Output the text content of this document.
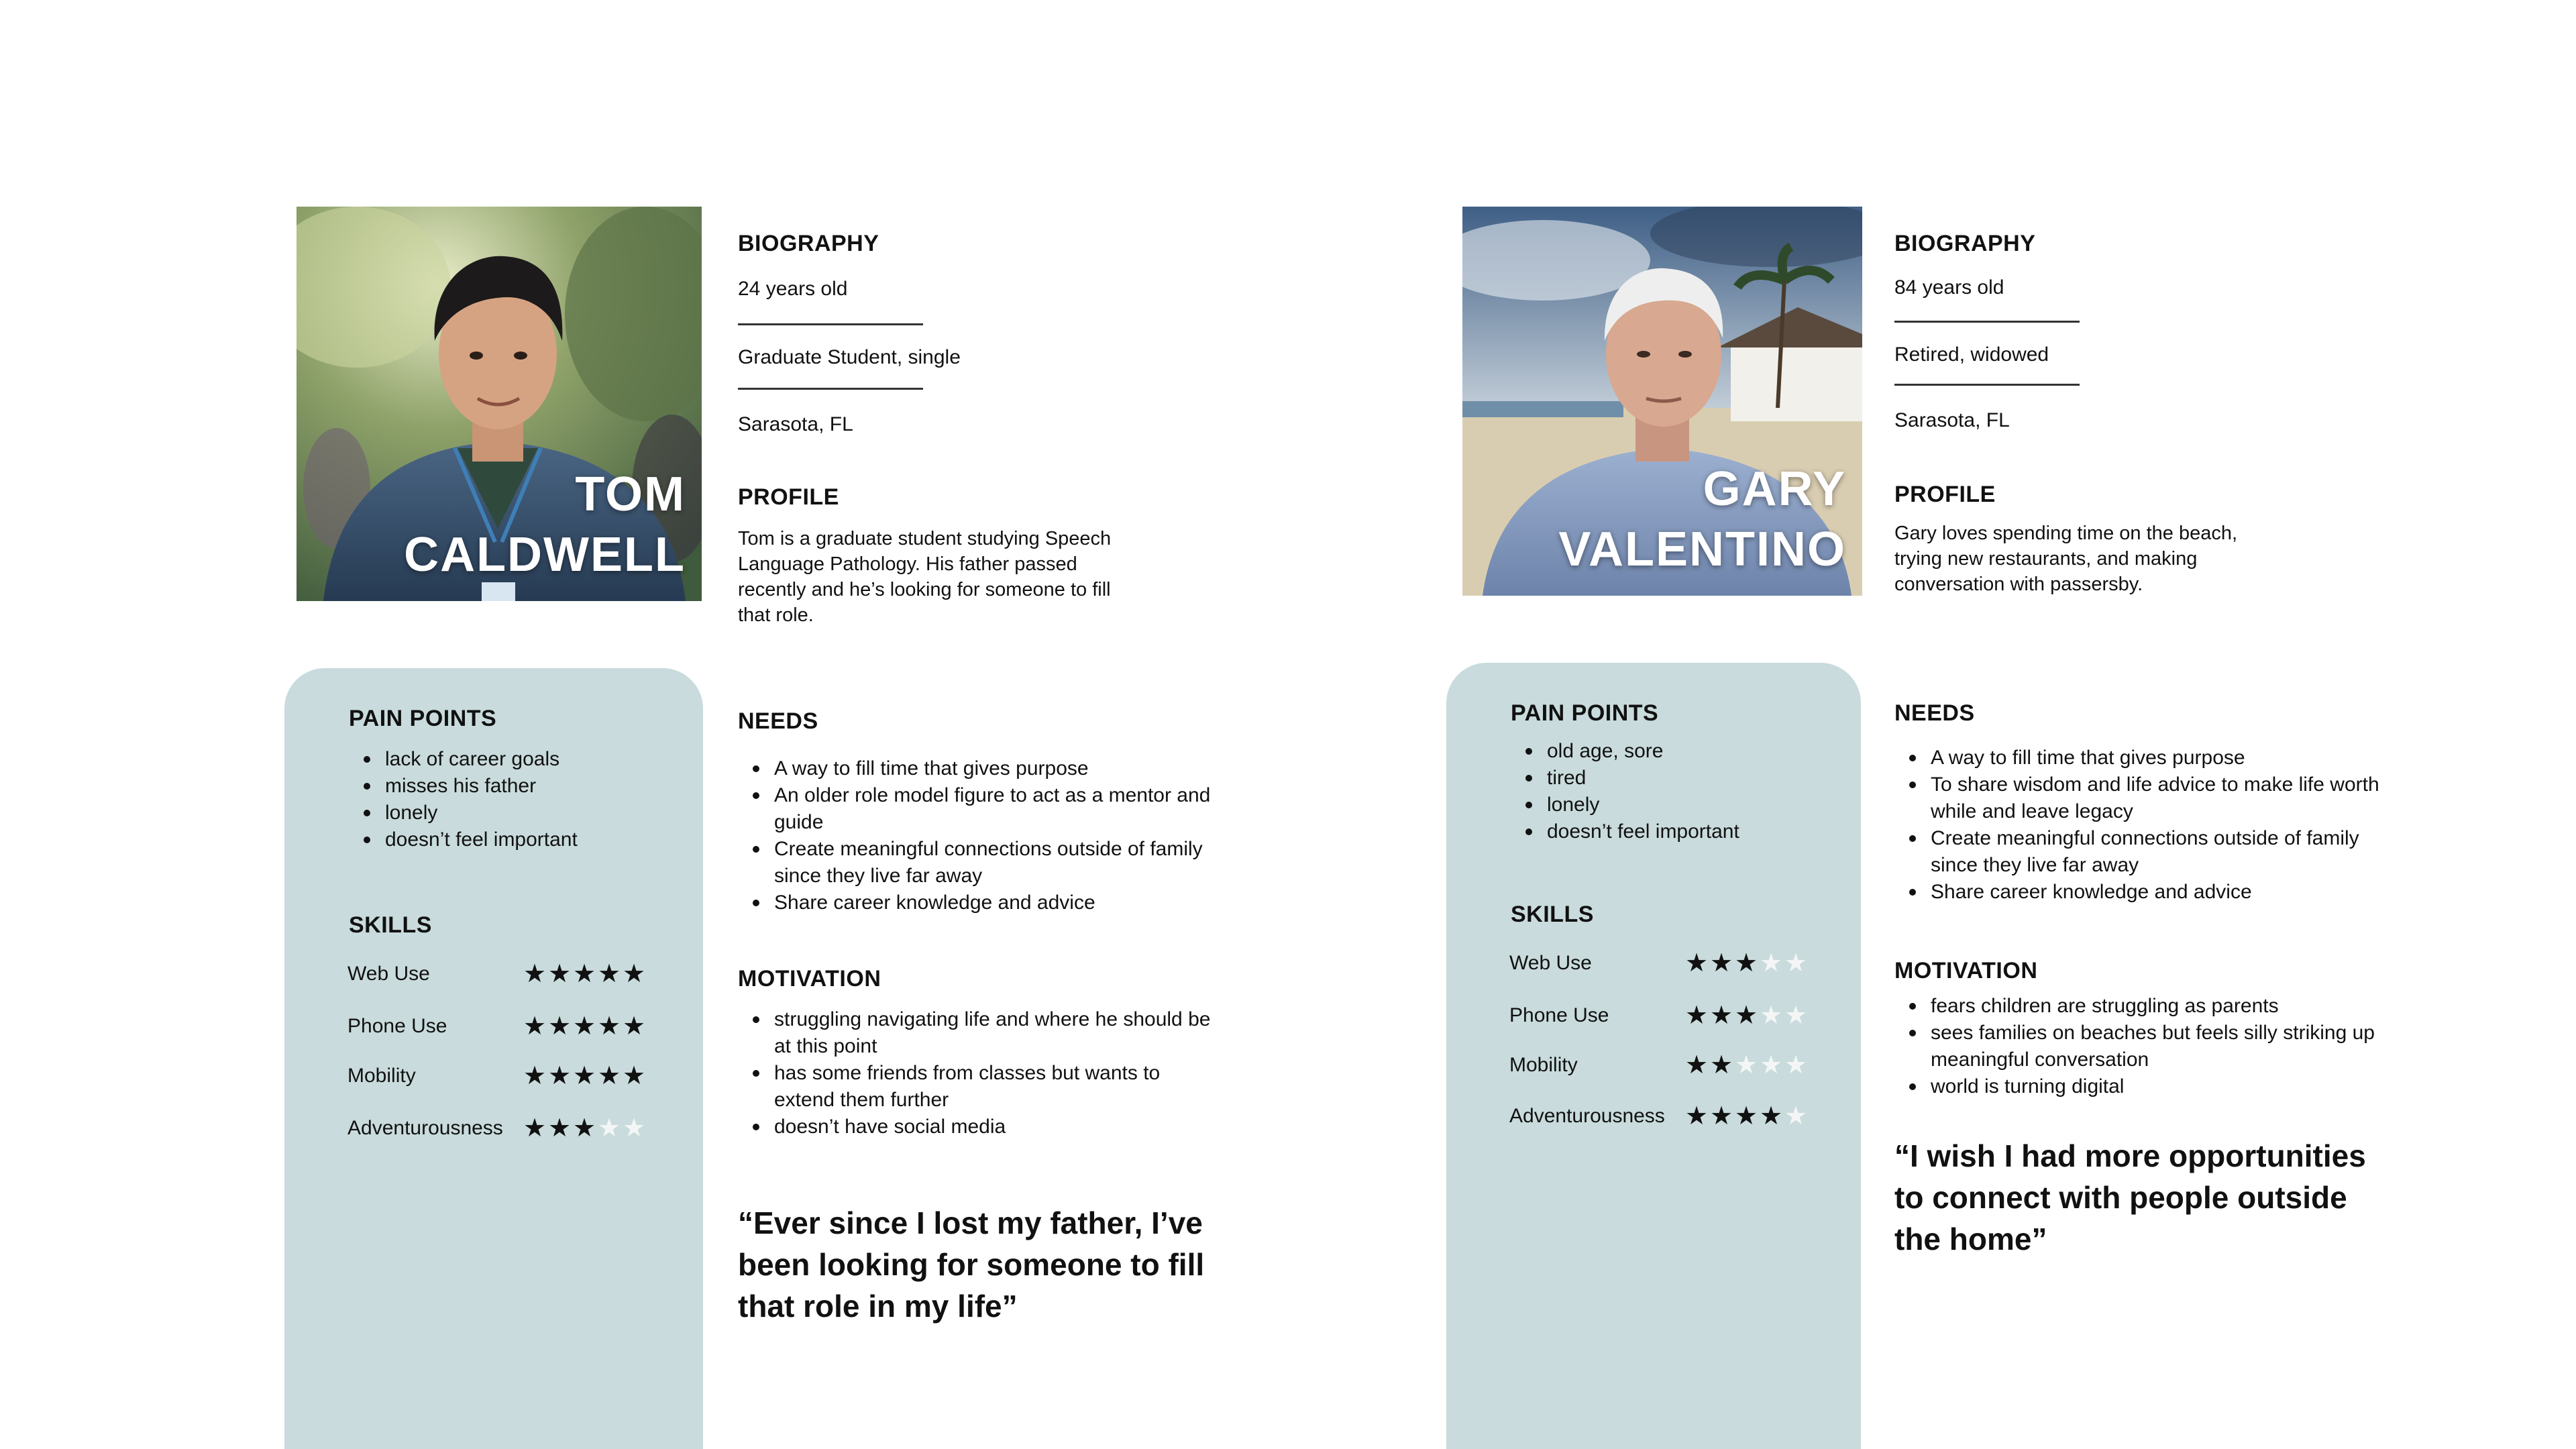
TOM
CALDWELL
BIOGRAPHY
24 years old
Graduate Student, single
Sarasota, FL
PROFILE
Tom is a graduate student studying Speech Language Pathology. His father passed recently and he’s looking for someone to fill that role.
PAIN POINTS
lack of career goals
misses his father
lonely
doesn’t feel important
SKILLS
Web Use	★ ★ ★ ★ ★
Phone Use	★ ★ ★ ★ ★
Mobility	★ ★ ★ ★ ★
Adventurousness ★ ★ ★ ★ ★
NEEDS
A way to fill time that gives purpose
An older role model figure to act as a mentor and guide
Create meaningful connections outside of family since they live far away
Share career knowledge and advice
MOTIVATION
struggling navigating life and where he should be at this point
has some friends from classes but wants to extend them further
doesn’t have social media
“Ever since I lost my father, I’ve been looking for someone to fill that role in my life”
GARY
VALENTINO
BIOGRAPHY
84 years old
Retired, widowed
Sarasota, FL
PROFILE
Gary loves spending time on the beach, trying new restaurants, and making conversation with passersby.
PAIN POINTS
old age, sore
tired
lonely
doesn’t feel important
SKILLS
Web Use	★ ★ ★ ★ ★
Phone Use	★ ★ ★ ★ ★
Mobility	★ ★ ★ ★ ★
Adventurousness ★ ★ ★ ★ ★
NEEDS
A way to fill time that gives purpose
To share wisdom and life advice to make life worth while and leave legacy
Create meaningful connections outside of family since they live far away
Share career knowledge and advice
MOTIVATION
fears children are struggling as parents
sees families on beaches but feels silly striking up meaningful conversation
world is turning digital
“I wish I had more opportunities to connect with people outside the home”
